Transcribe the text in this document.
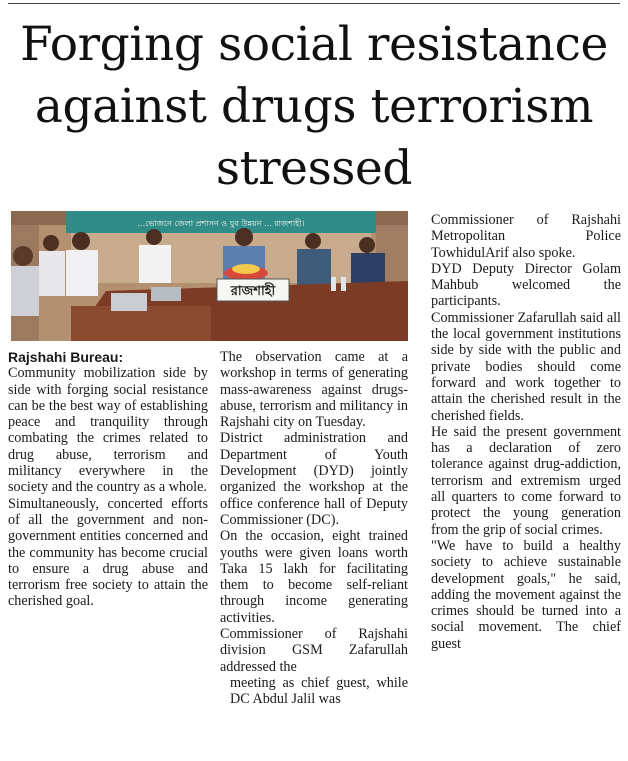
Forging social resistance against drugs terrorism stressed
...ভোজনে জেলা প্রশাসন ও যুব উন্নয়ন ... রাজশাহী।
রাজশাহী
Rajshahi Bureau:

Community mobilization side by side with forging social resistance can be the best way of establishing peace and tranquility through combating the crimes related to drug abuse, terrorism and militancy everywhere in the society and the country as a whole.

Simultaneously, concerted efforts of all the government and non-government entities concerned and the community has become crucial to ensure a drug abuse and terrorism free society to attain the cherished goal.

The observation came at a workshop in terms of generating mass-awareness against drugs-abuse, terrorism and militancy in Rajshahi city on Tuesday.

District administration and Department of Youth Development (DYD) jointly organized the workshop at the office conference hall of Deputy Commissioner (DC).

On the occasion, eight trained youths were given loans worth Taka 15 lakh for facilitating them to become self-reliant through income generating activities.

Commissioner of Rajshahi division GSM Zafarullah addressed the

meeting as chief guest, while DC Abdul Jalil was

Commissioner of Rajshahi Metropolitan Police TowhidulArif also spoke.

DYD Deputy Director Golam Mahbub welcomed the participants.

Commissioner Zafarullah said all the local government institutions side by side with the public and private bodies should come forward and work together to attain the cherished result in the cherished fields.

He said the present government has a declaration of zero tolerance against drug-addiction, terrorism and extremism urged all quarters to come forward to protect the young generation from the grip of social crimes.

"We have to build a healthy society to achieve sustainable development goals," he said, adding the movement against the crimes should be turned into a social movement. The chief guest
